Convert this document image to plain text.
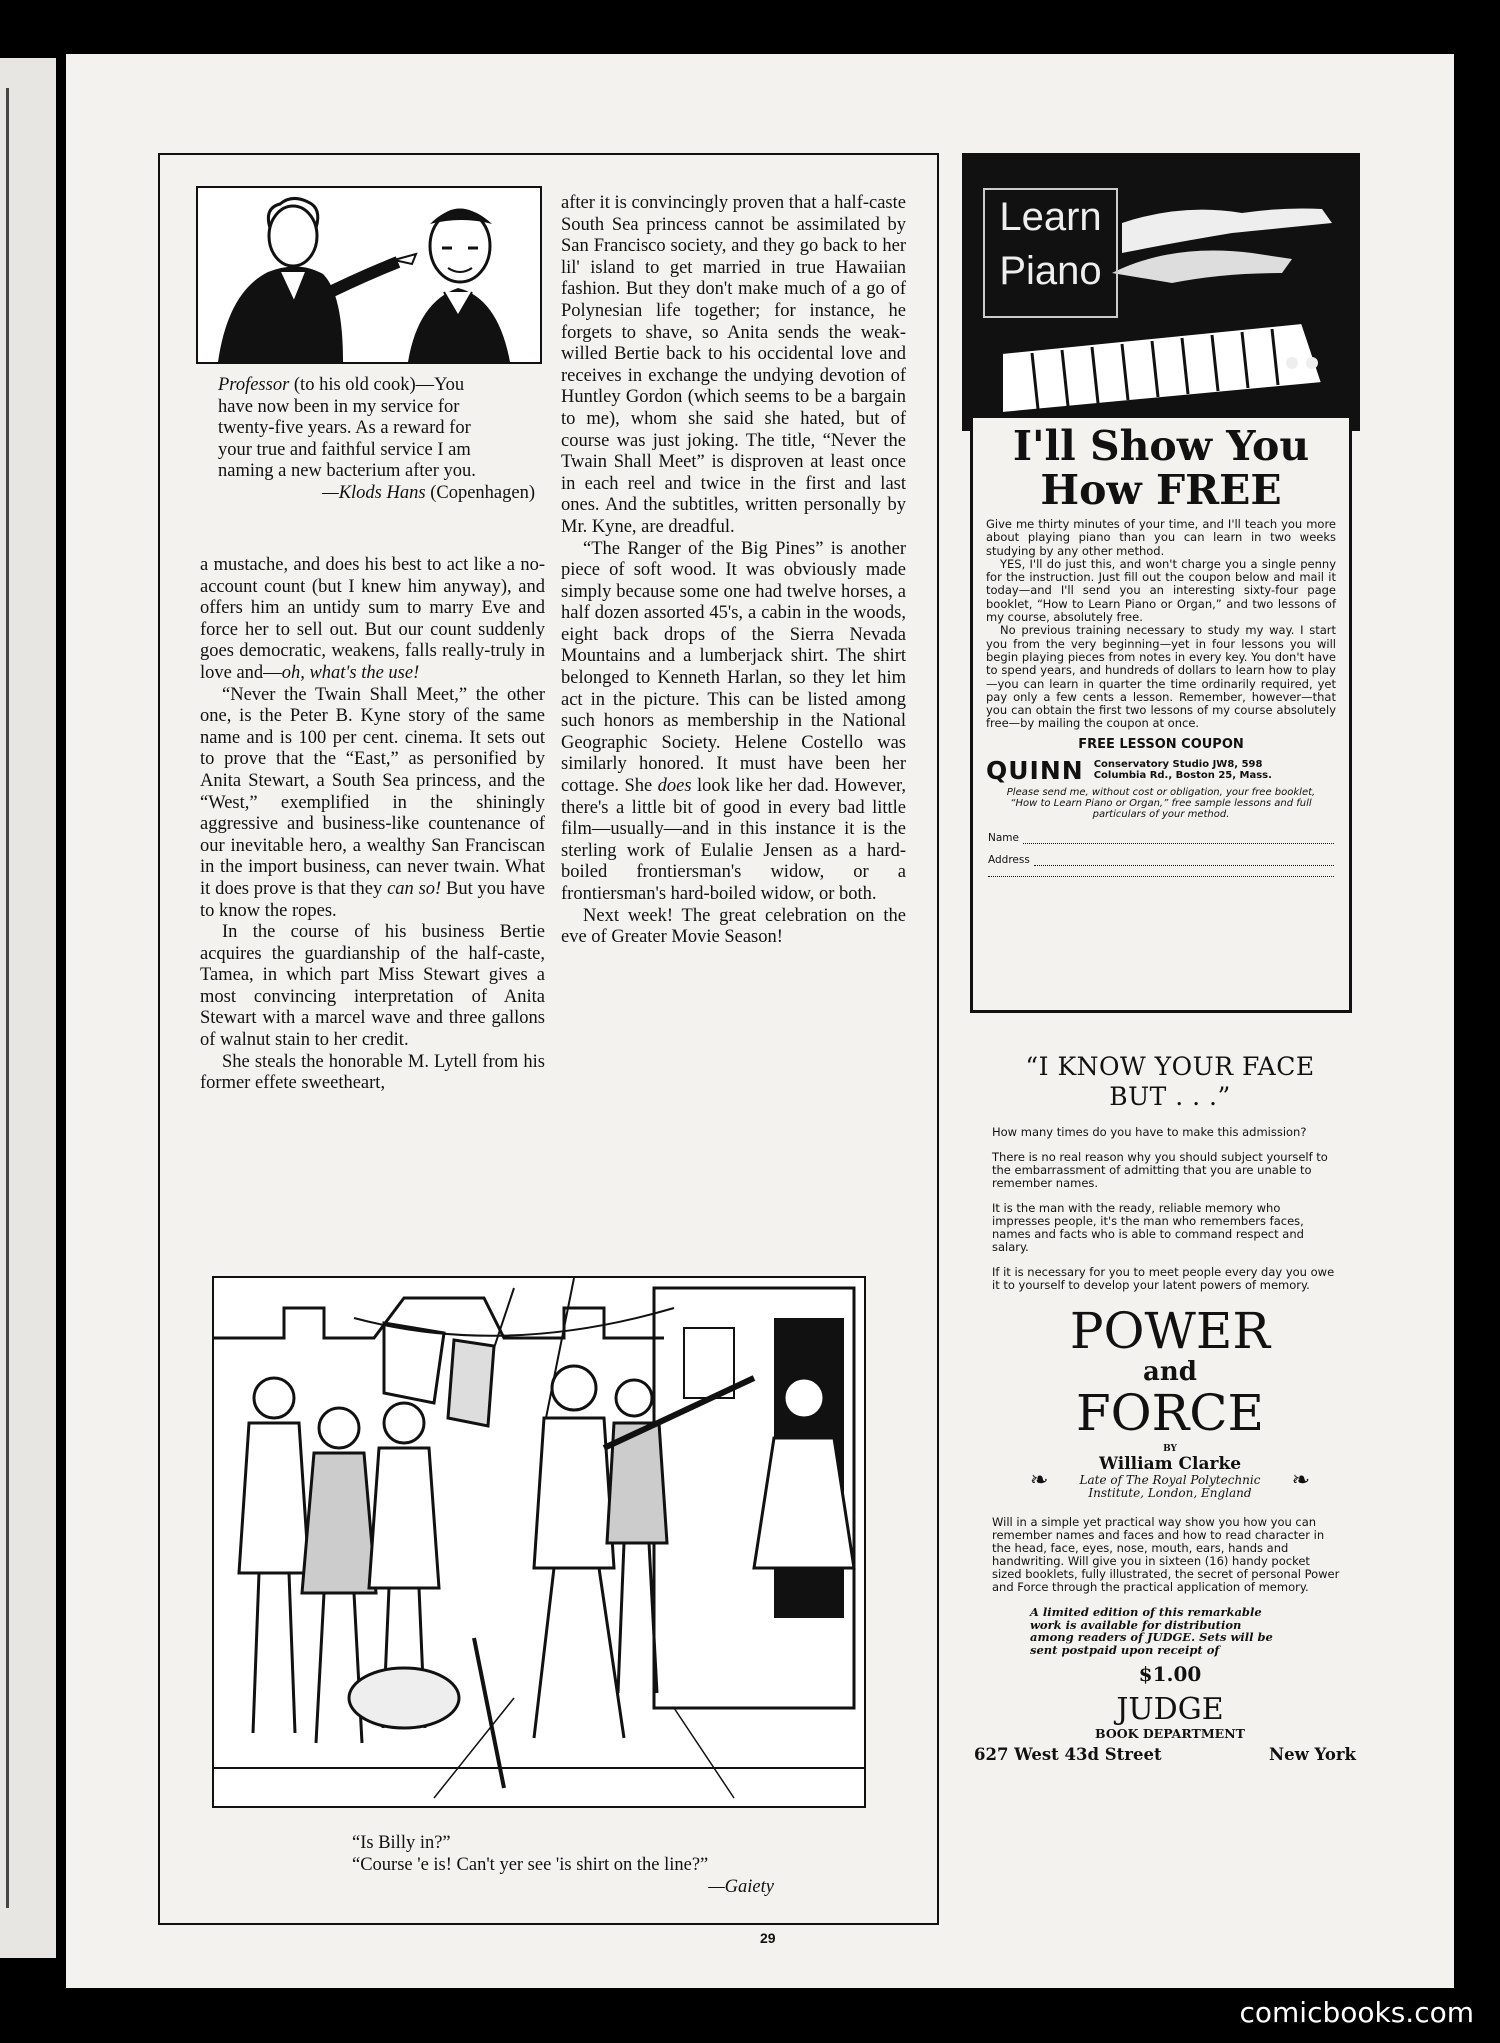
Professor (to his old cook)—You
have now been in my service for
twenty-five years. As a reward for
your true and faithful service I am
naming a new bacterium after you.
—Klods Hans (Copenhagen)

a mustache, and does his best to act like a no-account count (but I knew him anyway), and offers him an untidy sum to marry Eve and force her to sell out. But our count suddenly goes democratic, weakens, falls really-truly in love and—oh, what's the use!

“Never the Twain Shall Meet,” the other one, is the Peter B. Kyne story of the same name and is 100 per cent. cinema. It sets out to prove that the “East,” as personified by Anita Stewart, a South Sea princess, and the “West,” exemplified in the shiningly aggressive and business-like countenance of our inevitable hero, a wealthy San Franciscan in the import business, can never twain. What it does prove is that they can so! But you have to know the ropes.

In the course of his business Bertie acquires the guardianship of the half-caste, Tamea, in which part Miss Stewart gives a most convincing interpretation of Anita Stewart with a marcel wave and three gallons of walnut stain to her credit.

She steals the honorable M. Lytell from his former effete sweetheart,

after it is convincingly proven that a half-caste South Sea princess cannot be assimilated by San Francisco society, and they go back to her lil' island to get married in true Hawaiian fashion. But they don't make much of a go of Polynesian life together; for instance, he forgets to shave, so Anita sends the weak-willed Bertie back to his occidental love and receives in exchange the undying devotion of Huntley Gordon (which seems to be a bargain to me), whom she said she hated, but of course was just joking. The title, “Never the Twain Shall Meet” is disproven at least once in each reel and twice in the first and last ones. And the subtitles, written personally by Mr. Kyne, are dreadful.

“The Ranger of the Big Pines” is another piece of soft wood. It was obviously made simply because some one had twelve horses, a half dozen assorted 45's, a cabin in the woods, eight back drops of the Sierra Nevada Mountains and a lumberjack shirt. The shirt belonged to Kenneth Harlan, so they let him act in the picture. This can be listed among such honors as membership in the National Geographic Society. Helene Costello was similarly honored. It must have been her cottage. She does look like her dad. However, there's a little bit of good in every bad little film—usually—and in this instance it is the sterling work of Eulalie Jensen as a hard-boiled frontiersman's widow, or a frontiersman's hard-boiled widow, or both.

Next week! The great celebration on the eve of Greater Movie Season!

“Is Billy in?”
“Course 'e is! Can't yer see 'is shirt on the line?”
—Gaiety
29
Learn
Piano
I'll Show You
How FREE

Give me thirty minutes of your time, and I'll teach you more about playing piano than you can learn in two weeks studying by any other method.

YES, I'll do just this, and won't charge you a single penny for the instruction. Just fill out the coupon below and mail it today—and I'll send you an interesting sixty-four page booklet, “How to Learn Piano or Organ,” and two lessons of my course, absolutely free.

No previous training necessary to study my way. I start you from the very beginning—yet in four lessons you will begin playing pieces from notes in every key. You don't have to spend years, and hundreds of dollars to learn how to play—you can learn in quarter the time ordinarily required, yet pay only a few cents a lesson. Remember, however—that you can obtain the first two lessons of my course absolutely free—by mailing the coupon at once.

FREE LESSON COUPON
QUINN Conservatory Studio JW8, 598
Columbia Rd., Boston 25, Mass.
Please send me, without cost or obligation, your free booklet, “How to Learn Piano or Organ,” free sample lessons and full particulars of your method.
Name
Address
“I KNOW YOUR FACE
BUT . . .”
How many times do you have to make this admission?
There is no real reason why you should subject yourself to the embarrassment of admitting that you are unable to remember names.
It is the man with the ready, reliable memory who impresses people, it's the man who remembers faces, names and facts who is able to command respect and salary.
If it is necessary for you to meet people every day you owe it to yourself to develop your latent powers of memory.
POWER
and
FORCE
BY
William Clarke
❧	Late of The Royal Polytechnic
Institute, London, England	❧
Will in a simple yet practical way show you how you can remember names and faces and how to read character in the head, face, eyes, nose, mouth, ears, hands and handwriting. Will give you in sixteen (16) handy pocket sized booklets, fully illustrated, the secret of personal Power and Force through the practical application of memory.
A limited edition of this remarkable work is available for distribution among readers of JUDGE. Sets will be sent postpaid upon receipt of
$1.00
JUDGE
BOOK DEPARTMENT
627 West 43d Street	New York
comicbooks.com
